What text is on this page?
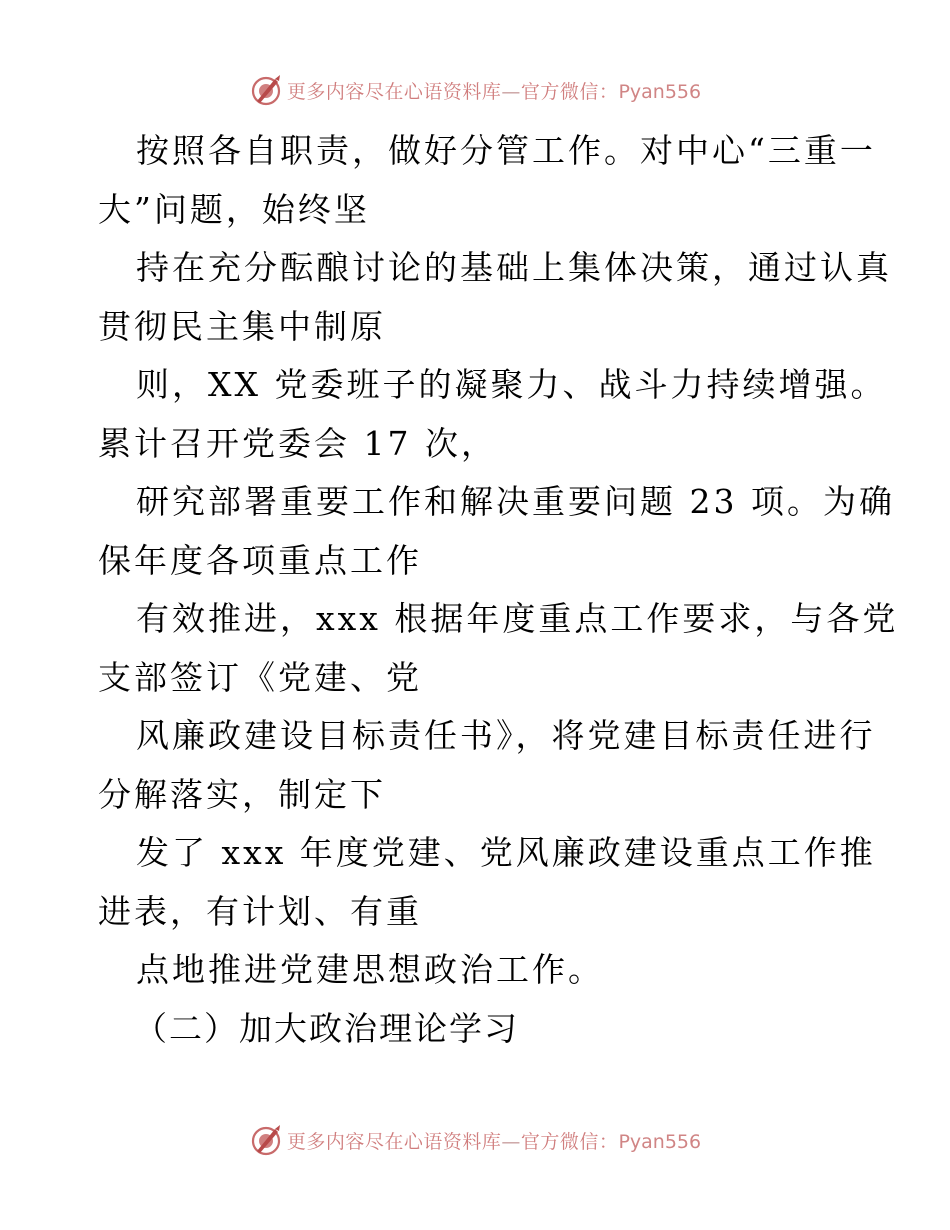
更多内容尽在心语资料库—官方微信：Pyan556
按照各自职责，做好分管工作。对中心“三重一
大”问题，始终坚
持在充分酝酿讨论的基础上集体决策，通过认真
贯彻民主集中制原
则，XX 党委班子的凝聚力、战斗力持续增强。
累计召开党委会 17 次，
研究部署重要工作和解决重要问题 23 项。为确
保年度各项重点工作
有效推进，xxx 根据年度重点工作要求，与各党
支部签订《党建、党
风廉政建设目标责任书》，将党建目标责任进行
分解落实，制定下
发了 xxx 年度党建、党风廉政建设重点工作推
进表，有计划、有重
点地推进党建思想政治工作。
（二）加大政治理论学习
更多内容尽在心语资料库—官方微信：Pyan556
